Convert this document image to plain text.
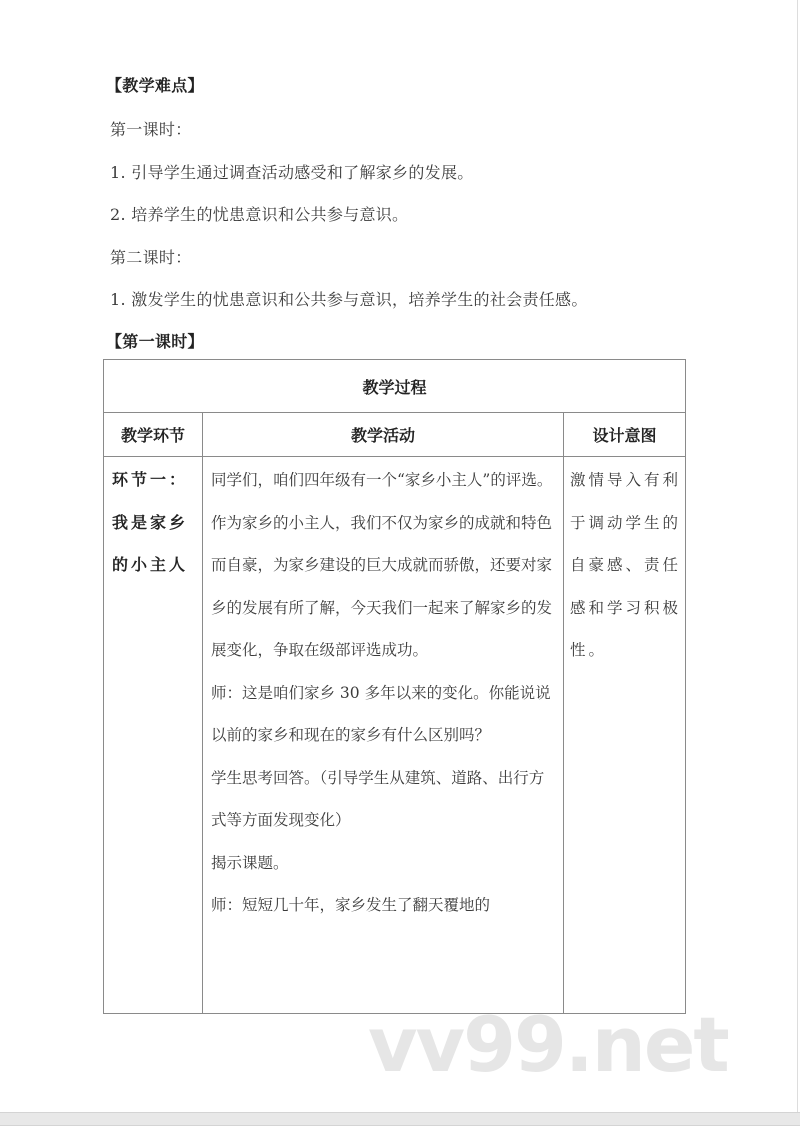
【教学难点】
第一课时：
1. 引导学生通过调查活动感受和了解家乡的发展。
2. 培养学生的忧患意识和公共参与意识。
第二课时：
1. 激发学生的忧患意识和公共参与意识，培养学生的社会责任感。
【第一课时】
教学过程		
教学环节	教学活动	设计意图
环节一：我是家乡的小主人	同学们，咱们四年级有一个“家乡小主人”的评选。作为家乡的小主人，我们不仅为家乡的成就和特色而自豪，为家乡建设的巨大成就而骄傲，还要对家乡的发展有所了解，今天我们一起来了解家乡的发展变化，争取在级部评选成功。

师：这是咱们家乡 30 多年以来的变化。你能说说以前的家乡和现在的家乡有什么区别吗？

学生思考回答。（引导学生从建筑、道路、出行方式等方面发现变化）

揭示课题。

师：短短几十年，家乡发生了翻天覆地的	激情导入有利于调动学生的自豪感、责任感和学习积极性。
vv99.net
